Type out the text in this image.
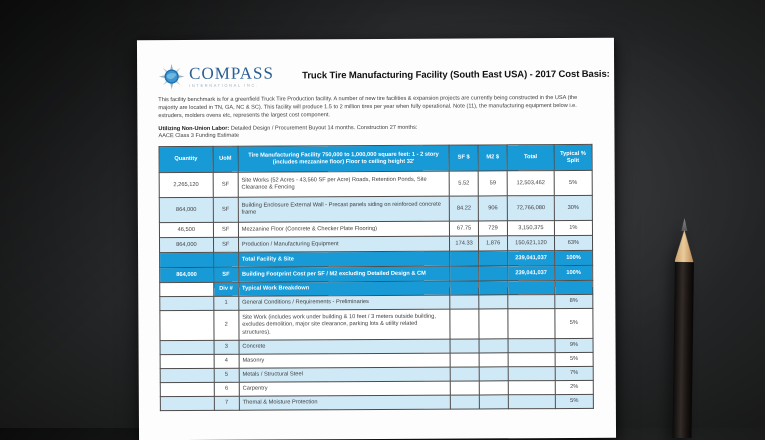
COMPASS
INTERNATIONAL INC.
Truck Tire Manufacturing Facility (South East USA) - 2017 Cost Basis:
This facility benchmark is for a greenfield Truck Tire Production facility. A number of new tire facilities & expansion projects are currently being constructed in the USA (the majority are located in TN, GA, NC & SC). This facility will produce 1.5 to 2 million tires per year when fully operational. Note (11), the manufacturing equipment below i.e. extruders, molders ovens etc, represents the largest cost component.
Utilizing Non-Union Labor: Detailed Design / Procurement Buyout 14 months. Construction 27 months:
AACE Class 3 Funding Estimate
Quantity	UoM	Tire Manufacturing Facility 750,000 to 1,000,000 square feet: 1 - 2 story (includes mezzanine floor) Floor to ceiling height 32'	SF $	M2 $	Total	Typical % Split
2,265,120	SF	Site Works (52 Acres - 43,560 SF per Acre) Roads, Retention Ponds, Site Clearance & Fencing	5.52	59	12,503,462	5%
864,000	SF	Building Enclosure External Wall - Precast panels siding on reinforced concrete frame	84.22	906	72,766,080	30%
46,500	SF	Mezzanine Floor (Concrete & Checker Plate Flooring)	67.75	729	3,150,375	1%
864,000	SF	Production / Manufacturing Equipment	174.33	1,876	150,621,120	63%
		Total Facility & Site			239,041,037	100%
864,000	SF	Building Footprint Cost per SF / M2 excluding Detailed Design & CM			239,041,037	100%
	Div #	Typical Work Breakdown				
	1	General Conditions / Requirements - Preliminaries				8%
	2	Site Work (includes work under building & 10 feet / 3 meters outside building, excludes demolition, major site clearance, parking lots & utility related structures).				5%
	3	Concrete				9%
	4	Masonry				5%
	5	Metals / Structural Steel				7%
	6	Carpentry				2%
	7	Themal & Moisture Protection				5%
